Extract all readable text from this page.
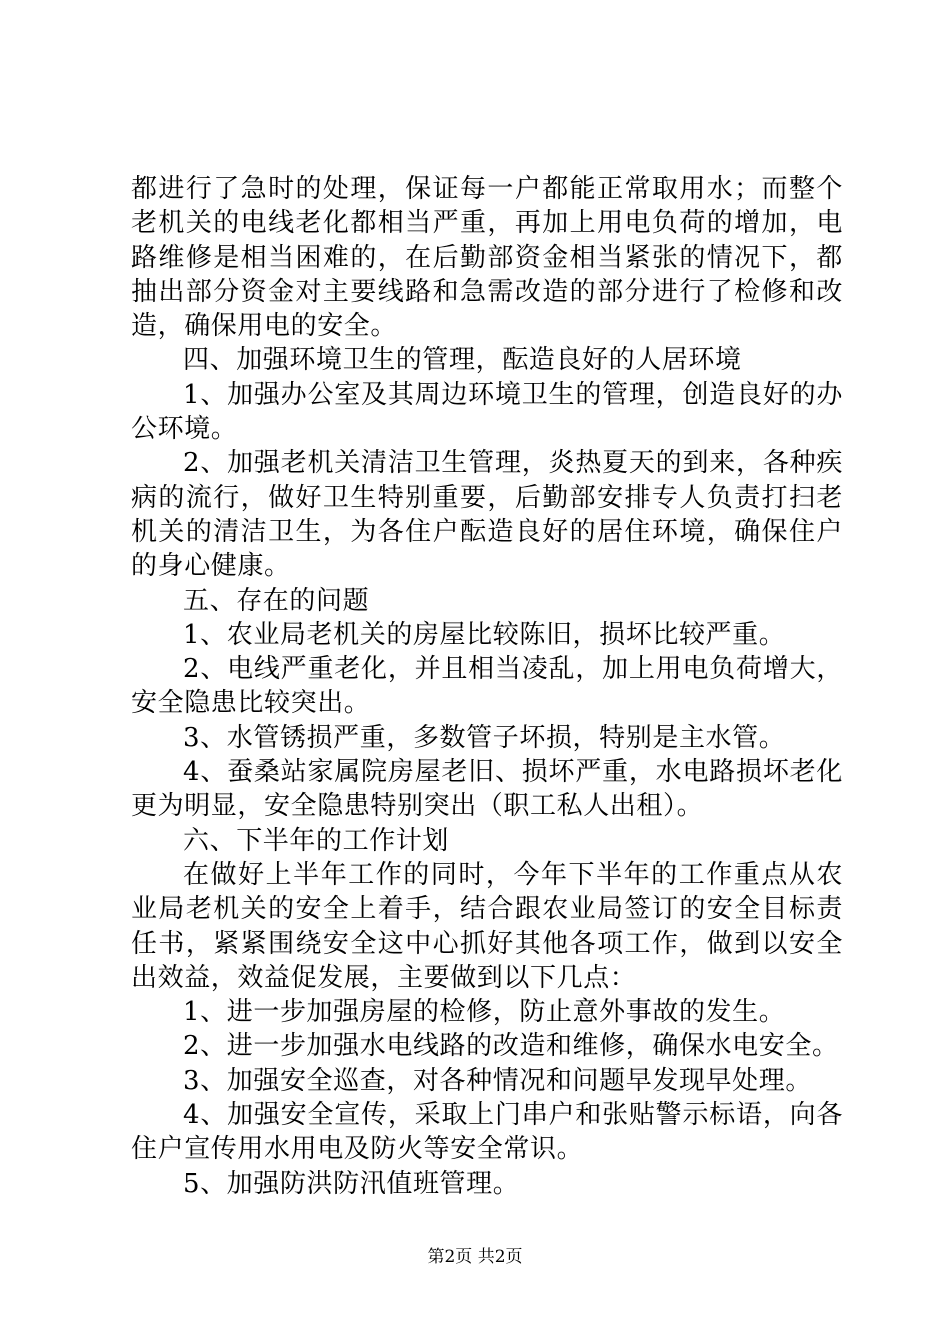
都进行了急时的处理，保证每一户都能正常取用水；而整个老机关的电线老化都相当严重，再加上用电负荷的增加，电路维修是相当困难的，在后勤部资金相当紧张的情况下，都抽出部分资金对主要线路和急需改造的部分进行了检修和改造，确保用电的安全。

四、加强环境卫生的管理，酝造良好的人居环境

1、加强办公室及其周边环境卫生的管理，创造良好的办公环境。

2、加强老机关清洁卫生管理，炎热夏天的到来，各种疾病的流行，做好卫生特别重要，后勤部安排专人负责打扫老机关的清洁卫生，为各住户酝造良好的居住环境，确保住户的身心健康。

五、存在的问题

1、农业局老机关的房屋比较陈旧，损坏比较严重。

2、电线严重老化，并且相当凌乱，加上用电负荷增大，安全隐患比较突出。

3、水管锈损严重，多数管子坏损，特别是主水管。

4、蚕桑站家属院房屋老旧、损坏严重，水电路损坏老化更为明显，安全隐患特别突出（职工私人出租）。

六、下半年的工作计划

在做好上半年工作的同时，今年下半年的工作重点从农业局老机关的安全上着手，结合跟农业局签订的安全目标责任书，紧紧围绕安全这中心抓好其他各项工作，做到以安全出效益，效益促发展，主要做到以下几点：

1、进一步加强房屋的检修，防止意外事故的发生。

2、进一步加强水电线路的改造和维修，确保水电安全。

3、加强安全巡查，对各种情况和问题早发现早处理。

4、加强安全宣传，采取上门串户和张贴警示标语，向各住户宣传用水用电及防火等安全常识。

5、加强防洪防汛值班管理。

第2页 共2页
